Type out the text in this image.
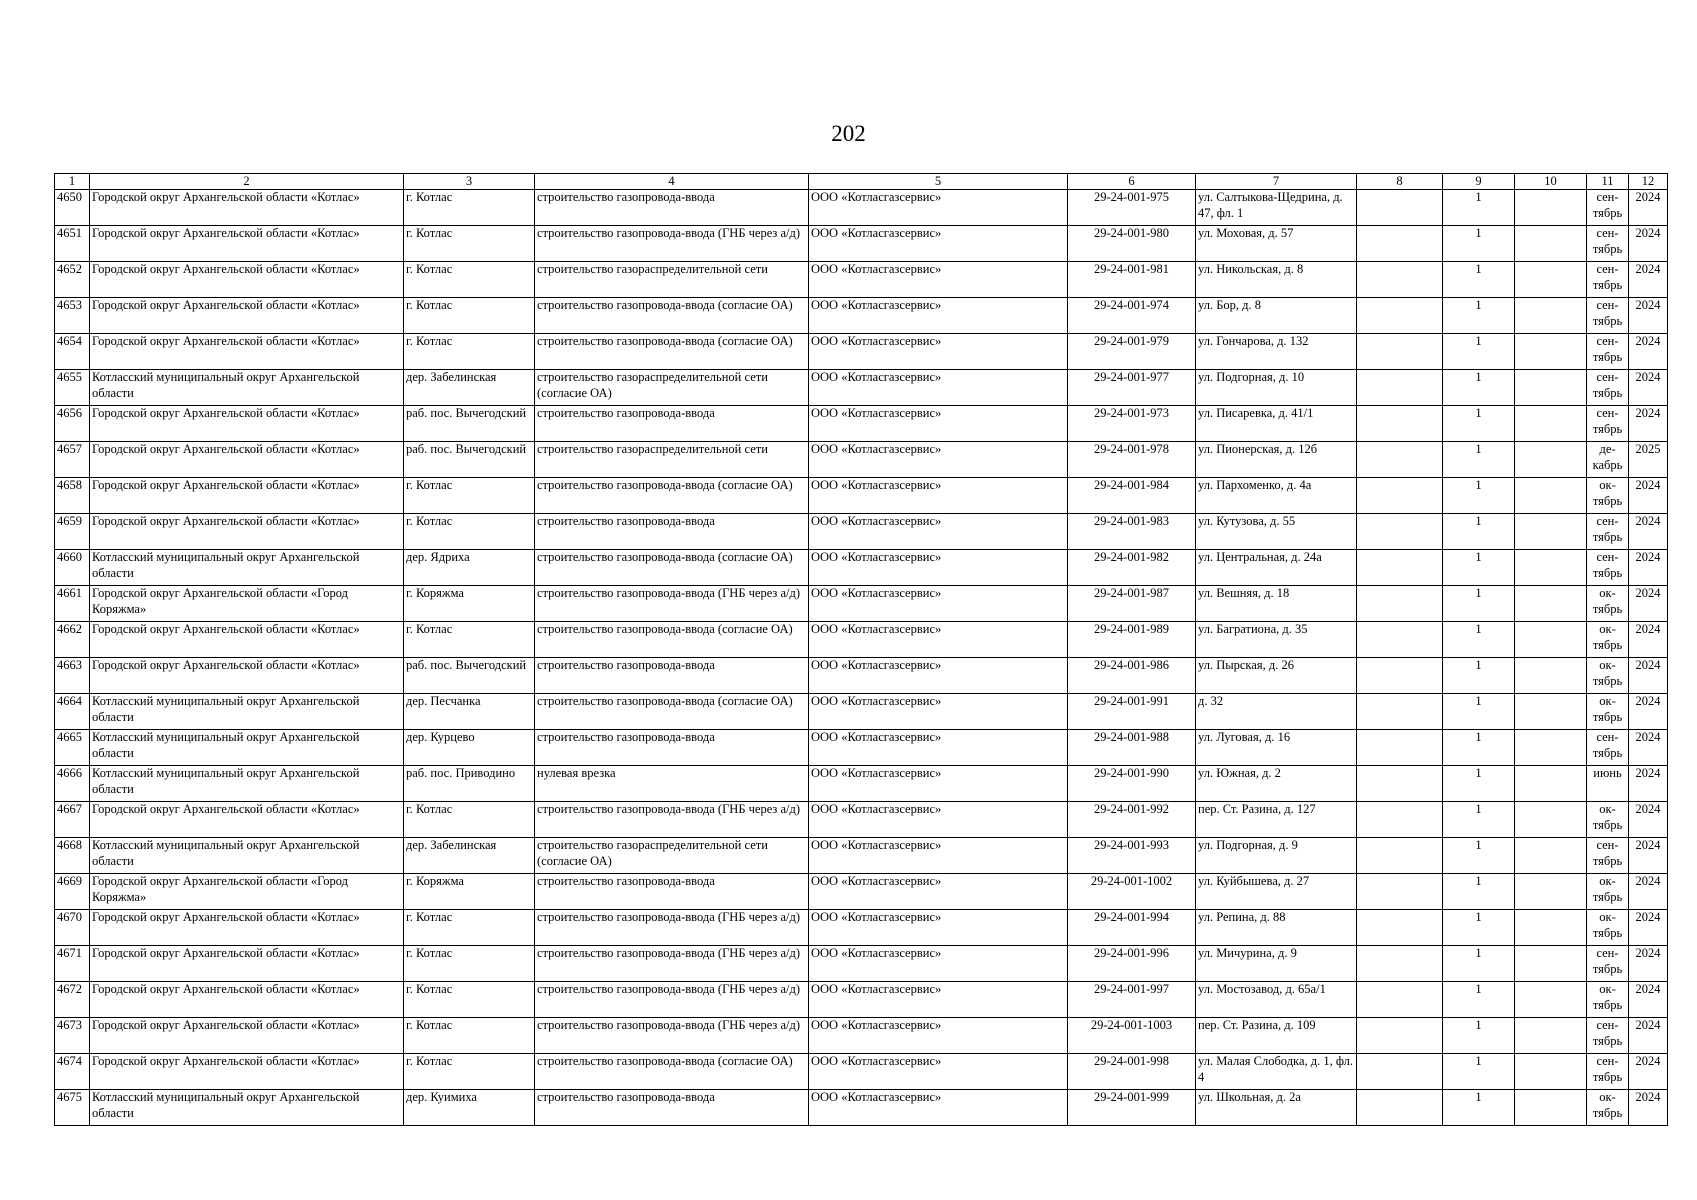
202
1	2	3	4	5	6	7	8	9	10	11	12
4650	Городской округ Архангельской области «Котлас»	г. Котлас	строительство газопровода-ввода	ООО «Котласгазсервис»	29-24-001-975	ул. Салтыкова-Щедрина, д. 47, фл. 1		1		сен-тябрь	2024
4651	Городской округ Архангельской области «Котлас»	г. Котлас	строительство газопровода-ввода (ГНБ через а/д)	ООО «Котласгазсервис»	29-24-001-980	ул. Моховая, д. 57		1		сен-тябрь	2024
4652	Городской округ Архангельской области «Котлас»	г. Котлас	строительство газораспределительной сети	ООО «Котласгазсервис»	29-24-001-981	ул. Никольская, д. 8		1		сен-тябрь	2024
4653	Городской округ Архангельской области «Котлас»	г. Котлас	строительство газопровода-ввода (согласие ОА)	ООО «Котласгазсервис»	29-24-001-974	ул. Бор, д. 8		1		сен-тябрь	2024
4654	Городской округ Архангельской области «Котлас»	г. Котлас	строительство газопровода-ввода (согласие ОА)	ООО «Котласгазсервис»	29-24-001-979	ул. Гончарова, д. 132		1		сен-тябрь	2024
4655	Котласский муниципальный округ Архангельской области	дер. Забелинская	строительство газораспределительной сети (согласие ОА)	ООО «Котласгазсервис»	29-24-001-977	ул. Подгорная, д. 10		1		сен-тябрь	2024
4656	Городской округ Архангельской области «Котлас»	раб. пос. Вычегодский	строительство газопровода-ввода	ООО «Котласгазсервис»	29-24-001-973	ул. Писаревка, д. 41/1		1		сен-тябрь	2024
4657	Городской округ Архангельской области «Котлас»	раб. пос. Вычегодский	строительство газораспределительной сети	ООО «Котласгазсервис»	29-24-001-978	ул. Пионерская, д. 12б		1		де-кабрь	2025
4658	Городской округ Архангельской области «Котлас»	г. Котлас	строительство газопровода-ввода (согласие ОА)	ООО «Котласгазсервис»	29-24-001-984	ул. Пархоменко, д. 4а		1		ок-тябрь	2024
4659	Городской округ Архангельской области «Котлас»	г. Котлас	строительство газопровода-ввода	ООО «Котласгазсервис»	29-24-001-983	ул. Кутузова, д. 55		1		сен-тябрь	2024
4660	Котласский муниципальный округ Архангельской области	дер. Ядриха	строительство газопровода-ввода (согласие ОА)	ООО «Котласгазсервис»	29-24-001-982	ул. Центральная, д. 24а		1		сен-тябрь	2024
4661	Городской округ Архангельской области «Город Коряжма»	г. Коряжма	строительство газопровода-ввода (ГНБ через а/д)	ООО «Котласгазсервис»	29-24-001-987	ул. Вешняя, д. 18		1		ок-тябрь	2024
4662	Городской округ Архангельской области «Котлас»	г. Котлас	строительство газопровода-ввода (согласие ОА)	ООО «Котласгазсервис»	29-24-001-989	ул. Багратиона, д. 35		1		ок-тябрь	2024
4663	Городской округ Архангельской области «Котлас»	раб. пос. Вычегодский	строительство газопровода-ввода	ООО «Котласгазсервис»	29-24-001-986	ул. Пырская, д. 26		1		ок-тябрь	2024
4664	Котласский муниципальный округ Архангельской области	дер. Песчанка	строительство газопровода-ввода (согласие ОА)	ООО «Котласгазсервис»	29-24-001-991	д. 32		1		ок-тябрь	2024
4665	Котласский муниципальный округ Архангельской области	дер. Курцево	строительство газопровода-ввода	ООО «Котласгазсервис»	29-24-001-988	ул. Луговая, д. 16		1		сен-тябрь	2024
4666	Котласский муниципальный округ Архангельской области	раб. пос. Приводино	нулевая врезка	ООО «Котласгазсервис»	29-24-001-990	ул. Южная, д. 2		1		июнь	2024
4667	Городской округ Архангельской области «Котлас»	г. Котлас	строительство газопровода-ввода (ГНБ через а/д)	ООО «Котласгазсервис»	29-24-001-992	пер. Ст. Разина, д. 127		1		ок-тябрь	2024
4668	Котласский муниципальный округ Архангельской области	дер. Забелинская	строительство газораспределительной сети (согласие ОА)	ООО «Котласгазсервис»	29-24-001-993	ул. Подгорная, д. 9		1		сен-тябрь	2024
4669	Городской округ Архангельской области «Город Коряжма»	г. Коряжма	строительство газопровода-ввода	ООО «Котласгазсервис»	29-24-001-1002	ул. Куйбышева, д. 27		1		ок-тябрь	2024
4670	Городской округ Архангельской области «Котлас»	г. Котлас	строительство газопровода-ввода (ГНБ через а/д)	ООО «Котласгазсервис»	29-24-001-994	ул. Репина, д. 88		1		ок-тябрь	2024
4671	Городской округ Архангельской области «Котлас»	г. Котлас	строительство газопровода-ввода (ГНБ через а/д)	ООО «Котласгазсервис»	29-24-001-996	ул. Мичурина, д. 9		1		сен-тябрь	2024
4672	Городской округ Архангельской области «Котлас»	г. Котлас	строительство газопровода-ввода (ГНБ через а/д)	ООО «Котласгазсервис»	29-24-001-997	ул. Мостозавод, д. 65а/1		1		ок-тябрь	2024
4673	Городской округ Архангельской области «Котлас»	г. Котлас	строительство газопровода-ввода (ГНБ через а/д)	ООО «Котласгазсервис»	29-24-001-1003	пер. Ст. Разина, д. 109		1		сен-тябрь	2024
4674	Городской округ Архангельской области «Котлас»	г. Котлас	строительство газопровода-ввода (согласие ОА)	ООО «Котласгазсервис»	29-24-001-998	ул. Малая Слободка, д. 1, фл. 4		1		сен-тябрь	2024
4675	Котласский муниципальный округ Архангельской области	дер. Куимиха	строительство газопровода-ввода	ООО «Котласгазсервис»	29-24-001-999	ул. Школьная, д. 2а		1		ок-тябрь	2024
